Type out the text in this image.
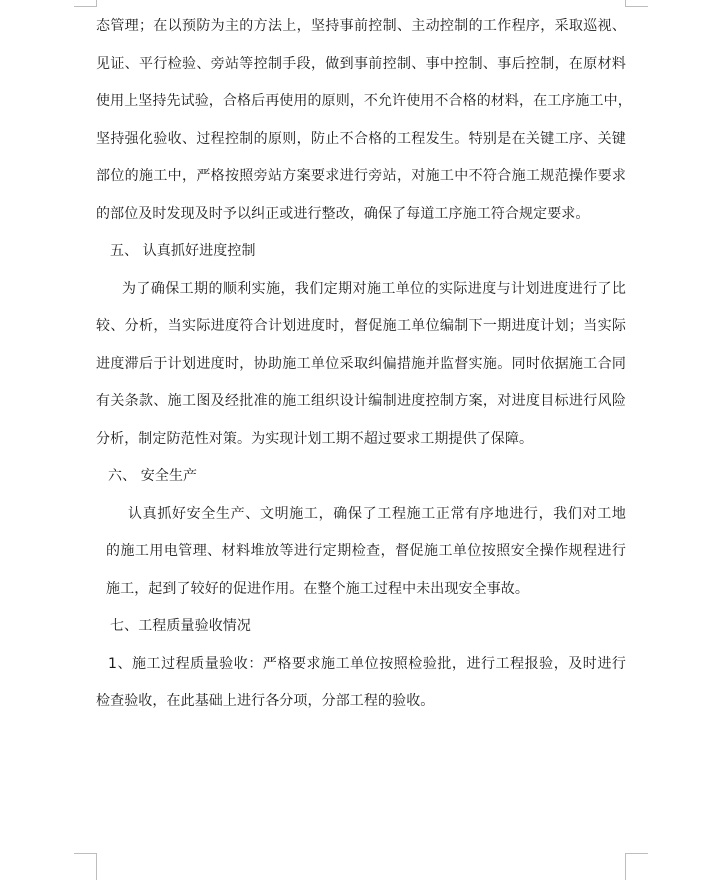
态管理；在以预防为主的方法上，坚持事前控制、主动控制的工作程序，采取巡视、
见证、平行检验、旁站等控制手段，做到事前控制、事中控制、事后控制，在原材料
使用上坚持先试验，合格后再使用的原则，不允许使用不合格的材料，在工序施工中，
坚持强化验收、过程控制的原则，防止不合格的工程发生。特别是在关键工序、关键
部位的施工中，严格按照旁站方案要求进行旁站，对施工中不符合施工规范操作要求
的部位及时发现及时予以纠正或进行整改，确保了每道工序施工符合规定要求。
五、 认真抓好进度控制
为了确保工期的顺利实施，我们定期对施工单位的实际进度与计划进度进行了比
较、分析，当实际进度符合计划进度时，督促施工单位编制下一期进度计划；当实际
进度滞后于计划进度时，协助施工单位采取纠偏措施并监督实施。同时依据施工合同
有关条款、施工图及经批准的施工组织设计编制进度控制方案，对进度目标进行风险
分析，制定防范性对策。为实现计划工期不超过要求工期提供了保障。
六、 安全生产
认真抓好安全生产、文明施工，确保了工程施工正常有序地进行，我们对工地
的施工用电管理、材料堆放等进行定期检查，督促施工单位按照安全操作规程进行
施工，起到了较好的促进作用。在整个施工过程中未出现安全事故。
七、工程质量验收情况
1、施工过程质量验收：严格要求施工单位按照检验批，进行工程报验，及时进行
检查验收，在此基础上进行各分项，分部工程的验收。
